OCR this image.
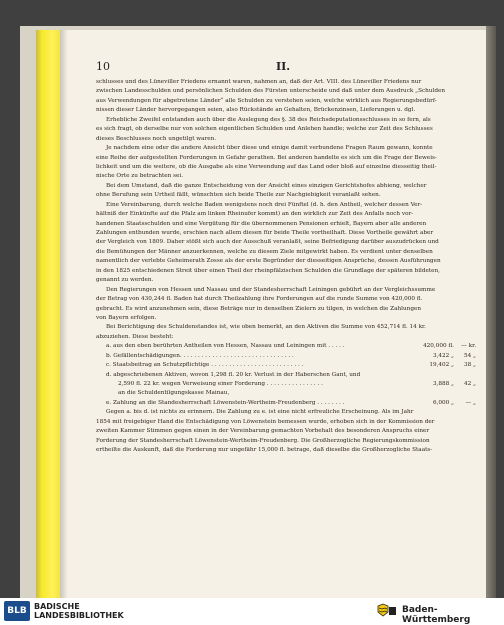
10	II.
schlusses und des Lüneviller Friedens ernannt waren, nahmen an, daß der Art. VIII. des Lüneviller Friedens nur
zwischen Landesschulden und persönlichen Schulden des Fürsten unterscheide und daß unter dem Ausdruck „Schulden
aus Verwendungen für abgetretene Länder“ alle Schulden zu verstehen seien, welche wirklich aus Regierungsbedürf-
nissen dieser Länder hervorgegangen seien, also Rückstände an Gehalten, Brückenzinsen, Lieferungen u. dgl.
Erhebliche Zweifel entstanden auch über die Auslegung des §. 38 des Reichsdeputationsschlusses in so fern, als
es sich fragt, ob derselbe nur von solchen eigentlichen Schulden und Anlehen handle; welche zur Zeit des Schlusses
dieses Beschlusses noch ungetilgt waren.
Je nachdem eine oder die andere Ansicht über diese und einige damit verbundene Fragen Raum gewann, konnte
eine Reihe der aufgestellten Forderungen in Gefahr gerathen. Bei anderen handelte es sich um die Frage der Beweis-
lichkeit und um die weitere, ob die Ausgabe als eine Verwendung auf das Land oder bloß auf einzelne diesseitig theil-
nische Orte zu betrachten sei.
Bei dem Umstand, daß die ganze Entscheidung von der Ansicht eines einzigen Gerichtshofes abhieng, welcher
ohne Berufung sein Urtheil fällt, wünschten sich beide Theile zur Nachgiebigkeit veranlaßt sehen.
Eine Vereinbarung, durch welche Baden wenigstens noch drei Fünftel (d. h. den Antheil, welcher dessen Ver-
hältniß der Einkünfte auf die Pfalz am linken Rheinufer kommt) an den wirklich zur Zeit des Anfalls noch vor-
handenen Staatsschulden und eine Vergütung für die übernommenen Pensionen erhielt, Bayern aber alle anderen
Zahlungen entbunden wurde, erschien nach allem diesen für beide Theile vortheilhaft. Diese Vortheile gewährt aber
der Vergleich von 1809. Daher stößt sich auch der Ausschuß veranlaßt, seine Befriedigung darüber auszudrücken und
die Bemühungen der Männer anzuerkennen, welche zu diesem Ziele mitgewirkt haben. Es verdient unter denselben
namentlich der verlebte Geheimerath Zosse als der erste Begründer der diesseitigen Ansprüche, dessen Ausführungen
in den 1825 entschiedenen Streit über einen Theil der rheinpfälzischen Schulden die Grundlage der späteren bildeten,
genannt zu werden.
Den Regierungen von Hessen und Nassau und der Standesherrschaft Leiningen gebührt an der Vergleichssumme
der Betrag von 430,244 fl. Baden hat durch Theilzahlung ihre Forderungen auf die runde Summe von 420,000 fl.
gebracht. Es wird anzunehmen sein, diese Beträge nur in denselben Zielern zu tilgen, in welchen die Zahlungen
von Bayern erfolgen.
Bei Berichtigung des Schuldenstandes ist, wie oben bemerkt, an den Aktiven die Summe von 452,714 fl. 14 kr.
abzuziehen. Diese besteht:
a. aus den eben berührten Antheilen von Hessen, Nassau und Leiningen mit . . . . .	420,000 fl.	— kr.
b. Gefällentschädigungen. . . . . . . . . . . . . . . . . . . . . . . . . . . . . . . .	3,422 „	54 „
c. Staatsbeitrag an Schutzpflichtige . . . . . . . . . . . . . . . . . . . . . . . . . .	19,402 „	38 „
d. abgeschriebenen Aktiven, wovon 1,298 fl. 20 kr. Verlust in der Haberschen Gant, und
2,590 fl. 22 kr. wegen Verweisung einer Forderung . . . . . . . . . . . . . . . .	3,888 „	42 „
an die Schuldentilgungskasse Mainau,
e. Zahlung an die Standesherrschaft Löwenstein-Wertheim-Freudenberg . . . . . . . .	6,000 „	— „
Gegen a. bis d. ist nichts zu erinnern. Die Zahlung zu e. ist eine nicht erfreuliche Erscheinung. Als im Jahr
1854 mit freigebiger Hand die Entschädigung von Löwenstein bemessen wurde, erhoben sich in der Kommission der
zweiten Kammer Stimmen gegen einen in der Vereinbarung gemachten Vorbehalt des besonderen Anspruchs einer
Forderung der Standesherrschaft Löwenstein-Wertheim-Freudenberg. Die Großherzogliche Regierungskommission
ertheilte die Auskunft, daß die Forderung nur ungefähr 15,000 fl. betrage, daß dieselbe die Großherzogliche Staats-
BLB BADISCHE
LANDESBIBLIOTHEK
Baden-Württemberg
